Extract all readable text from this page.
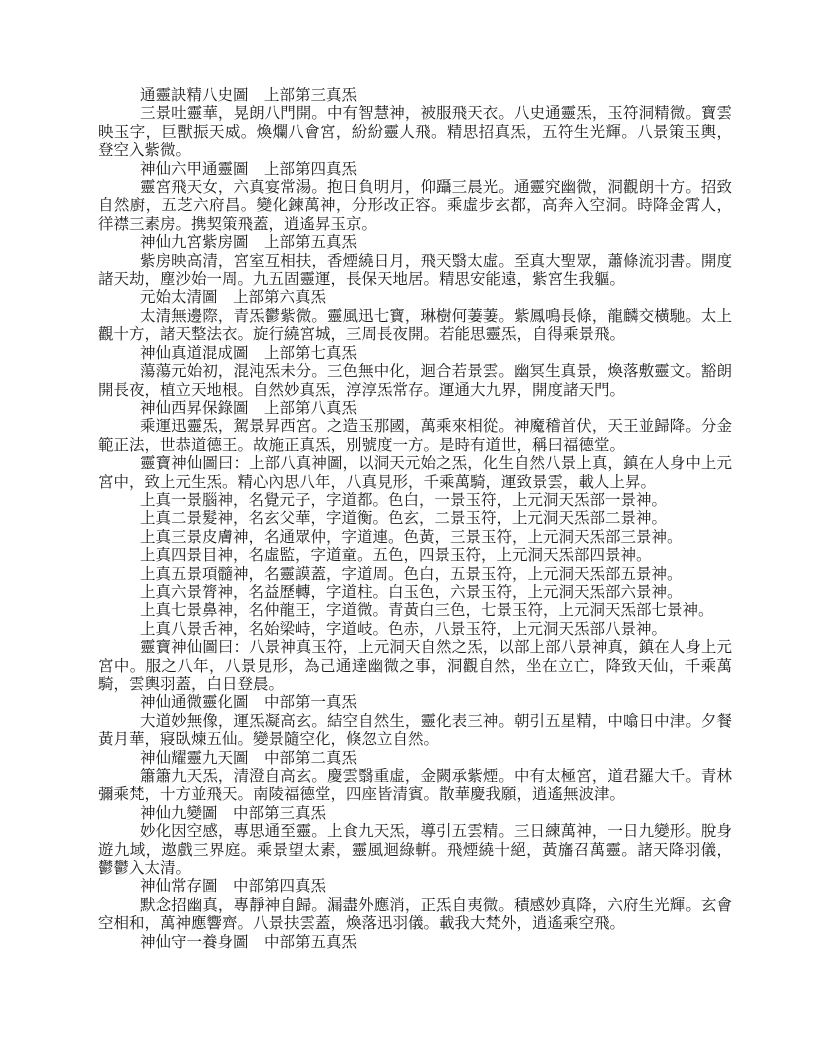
通靈訣精八史圖　上部第三真炁

三景吐靈華，晃朗八門開。中有智慧神，被服飛天衣。八史通靈炁，玉符洞精微。寶雲映玉字，巨獸振天威。煥爛八會宮，紛紛靈人飛。精思招真炁，五符生光輝。八景策玉輿，登空入紫微。

神仙六甲通靈圖　上部第四真炁

靈宮飛天女，六真宴常湯。抱日負明月，仰躡三晨光。通靈究幽微，洞觀朗十方。招致自然廚，五芝六府昌。變化鍊萬神，分形改正容。乘虛步玄都，高奔入空洞。時降金霄人，徉襟三素房。携契策飛蓋，逍遙昇玉京。

神仙九宮紫房圖　上部第五真炁

紫房映高清，宮室互相扶，香煙繞日月，飛天翳太虛。至真大聖眾，蕭條流羽書。開度諸天劫，塵沙始一周。九五固靈運，長保天地居。精思安能遠，紫宮生我軀。

元始太清圖　上部第六真炁

太清無邊際，青炁鬱紫微。靈風迅七寶，琳樹何萋萋。紫鳳鳴長條，龍麟交橫馳。太上觀十方，諸天整法衣。旋行繞宮城，三周長夜開。若能思靈炁，自得乘景飛。

神仙真道混成圖　上部第七真炁

蕩蕩元始初，混沌炁未分。三色無中化，迴合若景雲。幽冥生真景，煥落敷靈文。豁朗開長夜，植立天地根。自然妙真炁，淳淳炁常存。運通大九界，開度諸天門。

神仙西昇保錄圖　上部第八真炁

乘運迅靈炁，駕景昇西宮。之造玉那國，萬乘來相從。神魔稽首伏，天王並歸降。分金範正法，世恭道德王。故施正真炁，別號度一方。是時有道世，稱曰福德堂。

靈寶神仙圖曰：上部八真神圖，以洞天元始之炁，化生自然八景上真，鎮在人身中上元宮中，致上元生炁。精心內思八年，八真見形，千乘萬騎，運致景雲，載人上昇。

上真一景腦神，名覺元子，字道都。色白，一景玉符，上元洞天炁部一景神。

上真二景髮神，名玄父華，字道衡。色玄，二景玉符，上元洞天炁部二景神。

上真三景皮膚神，名通眾仲，字道連。色黃，三景玉符，上元洞天炁部三景神。

上真四景目神，名虛監，字道童。五色，四景玉符，上元洞天炁部四景神。

上真五景項髓神，名靈謨蓋，字道周。色白，五景玉符，上元洞天炁部五景神。

上真六景膂神，名益歷轉，字道柱。白玉色，六景玉符，上元洞天炁部六景神。

上真七景鼻神，名仲龍王，字道微。青黃白三色，七景玉符，上元洞天炁部七景神。

上真八景舌神，名始梁峙，字道岐。色赤，八景玉符，上元洞天炁部八景神。

靈寶神仙圖曰：八景神真玉符，上元洞天自然之炁，以部上部八景神真，鎮在人身上元宮中。服之八年，八景見形，為己通達幽微之事，洞觀自然，坐在立亡，降致天仙，千乘萬騎，雲輿羽蓋，白日登晨。

神仙通微靈化圖　中部第一真炁

大道妙無像，運炁凝高玄。結空自然生，靈化表三神。朝引五星精，中噏日中津。夕餐黃月華，寢臥煉五仙。變景隨空化，倏忽立自然。

神仙耀靈九天圖　中部第二真炁

簫簫九天炁，清澄自高玄。慶雲翳重虛，金闕承紫煙。中有太極宮，道君羅大千。青林彌乘梵，十方並飛天。南陵福德堂，四座皆清賓。散華慶我願，逍遙無波津。

神仙九變圖　中部第三真炁

妙化因空感，專思通至靈。上食九天炁，導引五雲精。三日練萬神，一日九變形。脫身遊九域，遨戲三界庭。乘景望太素，靈風迴綠輧。飛煙繞十絕，黃旛召萬靈。諸天降羽儀，鬱鬱入太清。

神仙常存圖　中部第四真炁

默念招幽真，專靜神自歸。漏盡外應消，正炁自夷微。積感妙真降，六府生光輝。玄會空相和，萬神應響齊。八景扶雲蓋，煥落迅羽儀。載我大梵外，逍遙乘空飛。

神仙守一養身圖　中部第五真炁
